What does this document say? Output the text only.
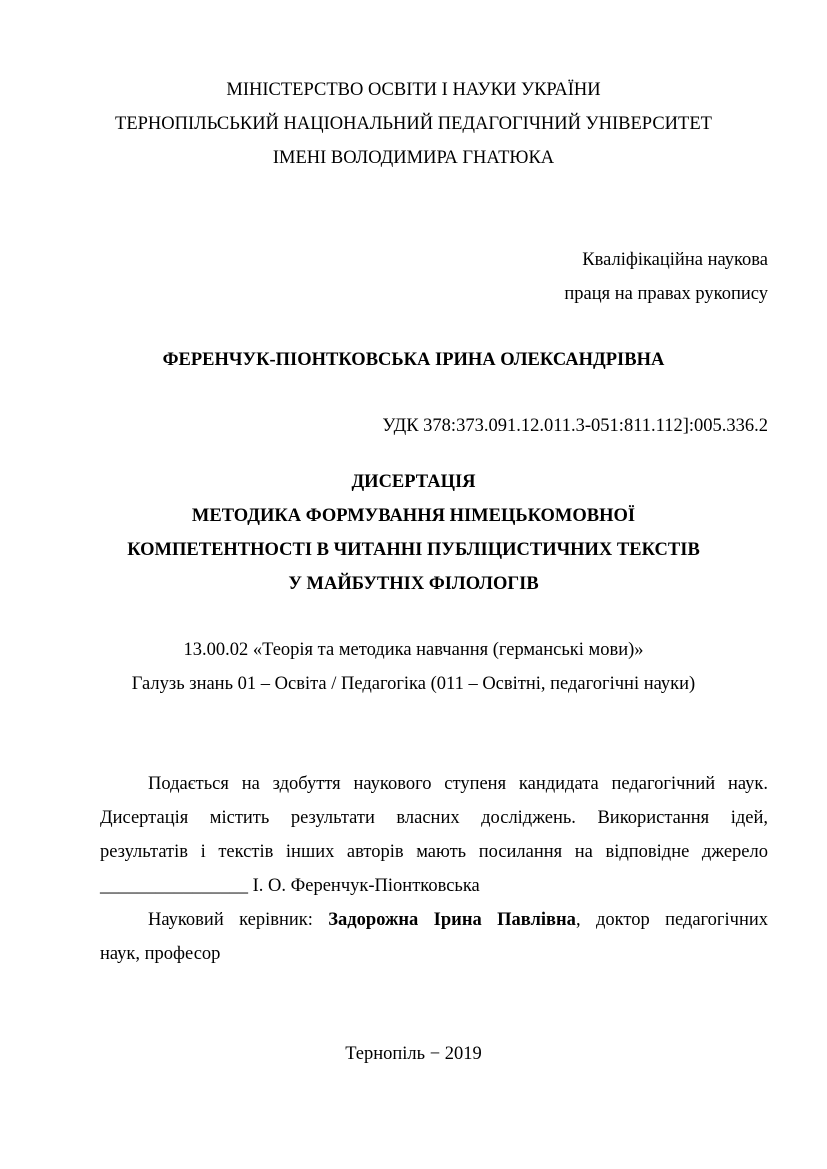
МІНІСТЕРСТВО ОСВІТИ І НАУКИ УКРАЇНИ
ТЕРНОПІЛЬСЬКИЙ НАЦІОНАЛЬНИЙ ПЕДАГОГІЧНИЙ УНІВЕРСИТЕТ
ІМЕНІ ВОЛОДИМИРА ГНАТЮКА
Кваліфікаційна наукова
праця на правах рукопису
ФЕРЕНЧУК-ПІОНТКОВСЬКА ІРИНА ОЛЕКСАНДРІВНА
УДК 378:373.091.12.011.3-051:811.112]:005.336.2
ДИСЕРТАЦІЯ
МЕТОДИКА ФОРМУВАННЯ НІМЕЦЬКОМОВНОЇ
КОМПЕТЕНТНОСТІ В ЧИТАННІ ПУБЛІЦИСТИЧНИХ ТЕКСТІВ
У МАЙБУТНІХ ФІЛОЛОГІВ
13.00.02 «Теорія та методика навчання (германські мови)»
Галузь знань 01 – Освіта / Педагогіка (011 – Освітні, педагогічні науки)
Подається на здобуття наукового ступеня кандидата педагогічний наук.
Дисертація містить результати власних досліджень. Використання ідей,
результатів і текстів інших авторів мають посилання на відповідне джерело
________________ І. О. Ференчук-Піонтковська
Науковий керівник: Задорожна Ірина Павлівна, доктор педагогічних
наук, професор
Тернопіль − 2019
